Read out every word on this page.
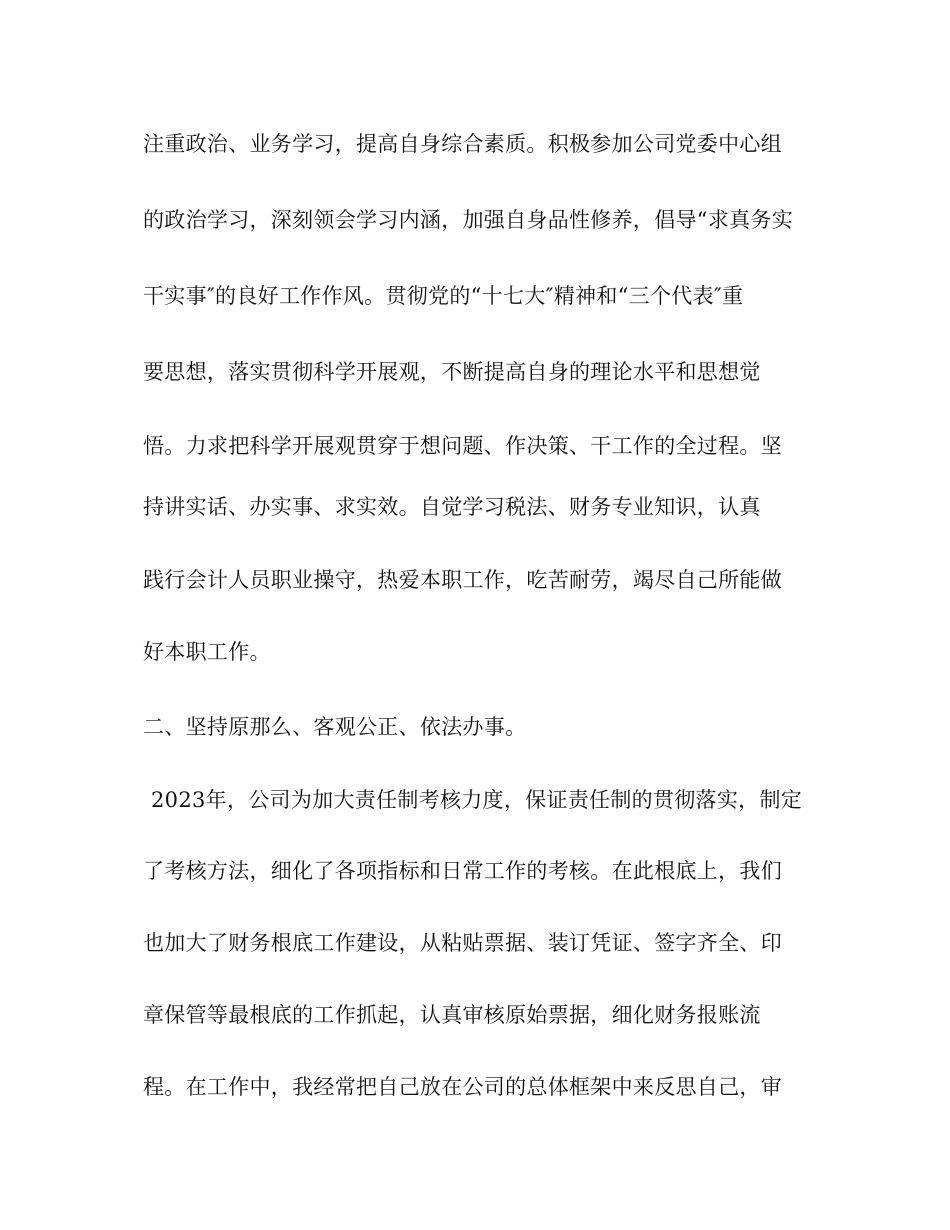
注重政治、业务学习，提高自身综合素质。积极参加公司党委中心组
的政治学习，深刻领会学习内涵，加强自身品性修养，倡导“求真务实
干实事″的良好工作作风。贯彻党的“十七大″精神和“三个代表″重
要思想，落实贯彻科学开展观，不断提高自身的理论水平和思想觉
悟。力求把科学开展观贯穿于想问题、作决策、干工作的全过程。坚
持讲实话、办实事、求实效。自觉学习税法、财务专业知识，认真
践行会计人员职业操守，热爱本职工作，吃苦耐劳，竭尽自己所能做
好本职工作。
二、坚持原那么、客观公正、依法办事。
2023年，公司为加大责任制考核力度，保证责任制的贯彻落实，制定
了考核方法，细化了各项指标和日常工作的考核。在此根底上，我们
也加大了财务根底工作建设，从粘贴票据、装订凭证、签字齐全、印
章保管等最根底的工作抓起，认真审核原始票据，细化财务报账流
程。在工作中，我经常把自己放在公司的总体框架中来反思自己，审
